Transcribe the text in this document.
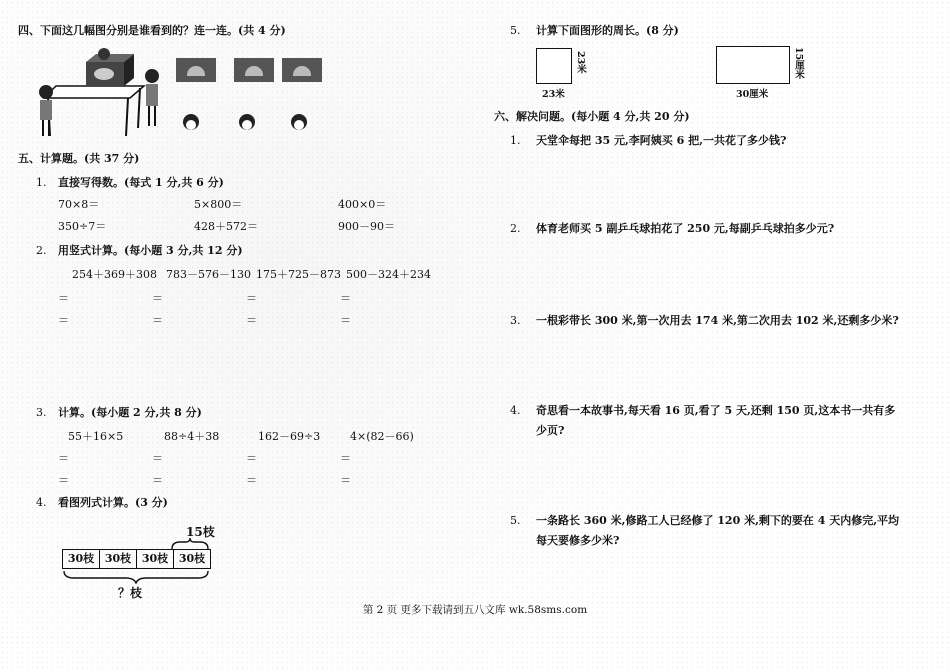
四、下面这几幅图分别是谁看到的？连一连。(共 4 分)
五、计算题。(共 37 分)
1. 直接写得数。(每式 1 分,共 6 分)
70×8＝	5×800＝	400×0＝
350÷7＝	428＋572＝	900－90＝
2. 用竖式计算。(每小题 3 分,共 12 分)
254＋369＋308 783－576－130 175＋725－873 500－324＋234
＝	＝	＝	＝
＝	＝	＝	＝
3. 计算。(每小题 2 分,共 8 分)
55＋16×5	88÷4＋38	162－69÷3	4×(82－66)
＝	＝	＝	＝
＝	＝	＝	＝
4. 看图列式计算。(3 分)
15枝
30枝 30枝 30枝 30枝
？枝
5. 计算下面图形的周长。(8 分)
23米
23米
15厘米
30厘米
六、解决问题。(每小题 4 分,共 20 分)
1. 天堂伞每把 35 元,李阿姨买 6 把,一共花了多少钱?
2. 体育老师买 5 副乒乓球拍花了 250 元,每副乒乓球拍多少元?
3. 一根彩带长 300 米,第一次用去 174 米,第二次用去 102 米,还剩多少米?
4. 奇思看一本故事书,每天看 16 页,看了 5 天,还剩 150 页,这本书一共有多
少页?
5. 一条路长 360 米,修路工人已经修了 120 米,剩下的要在 4 天内修完,平均
每天要修多少米?
第 2 页 更多下载请到五八文库 wk.58sms.com
